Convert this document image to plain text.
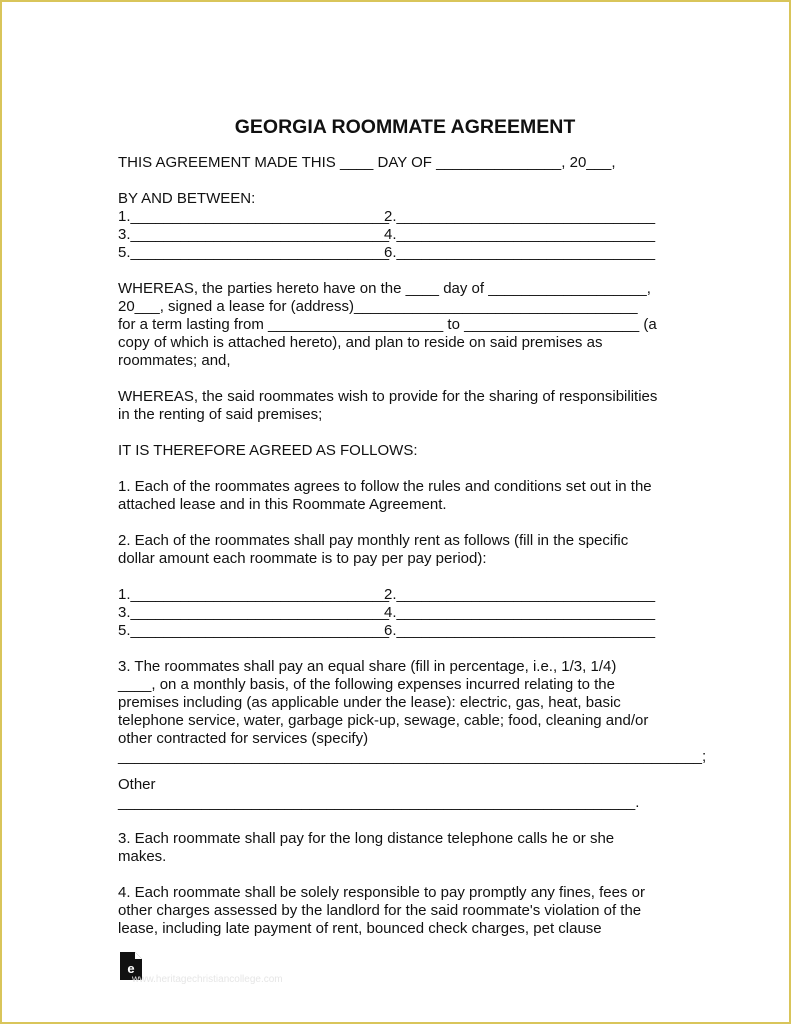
GEORGIA ROOMMATE AGREEMENT

THIS AGREEMENT MADE THIS ____ DAY OF _______________, 20___,

BY AND BETWEEN:

1._______________________________
2._______________________________
3._______________________________
4._______________________________
5._______________________________
6._______________________________

WHEREAS, the parties hereto have on the ____ day of ___________________,

20___, signed a lease for (address)__________________________________

for a term lasting from _____________________ to _____________________ (a

copy of which is attached hereto), and plan to reside on said premises as

roommates; and,

WHEREAS, the said roommates wish to provide for the sharing of responsibilities

in the renting of said premises;

IT IS THEREFORE AGREED AS FOLLOWS:

1. Each of the roommates agrees to follow the rules and conditions set out in the

attached lease and in this Roommate Agreement.

2. Each of the roommates shall pay monthly rent as follows (fill in the specific

dollar amount each roommate is to pay per pay period):

1._______________________________
2._______________________________
3._______________________________
4._______________________________
5._______________________________
6._______________________________

3. The roommates shall pay an equal share (fill in percentage, i.e., 1/3, 1/4)

____, on a monthly basis, of the following expenses incurred relating to the

premises including (as applicable under the lease): electric, gas, heat, basic

telephone service, water, garbage pick-up, sewage, cable; food, cleaning and/or

other contracted for services (specify)

______________________________________________________________________;

Other ______________________________________________________________.

3. Each roommate shall pay for the long distance telephone calls he or she

makes.

4. Each roommate shall be solely responsible to pay promptly any fines, fees or

other charges assessed by the landlord for the said roommate's violation of the

lease, including late payment of rent, bounced check charges, pet clause

e
www.heritagechristiancollege.com
